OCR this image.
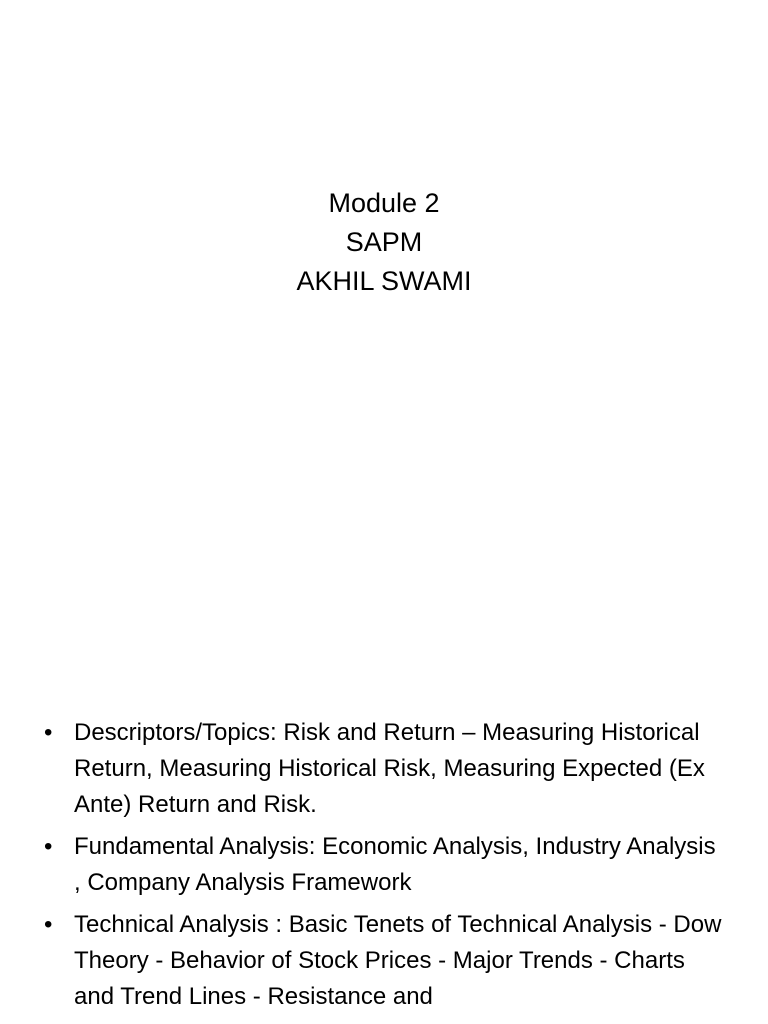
Module 2
SAPM
AKHIL SWAMI
• Descriptors/Topics: Risk and Return – Measuring Historical Return, Measuring Historical Risk, Measuring Expected (Ex Ante) Return and Risk.
• Fundamental Analysis: Economic Analysis, Industry Analysis , Company Analysis Framework
• Technical Analysis : Basic Tenets of Technical Analysis - Dow Theory - Behavior of Stock Prices - Major Trends - Charts and Trend Lines - Resistance and
